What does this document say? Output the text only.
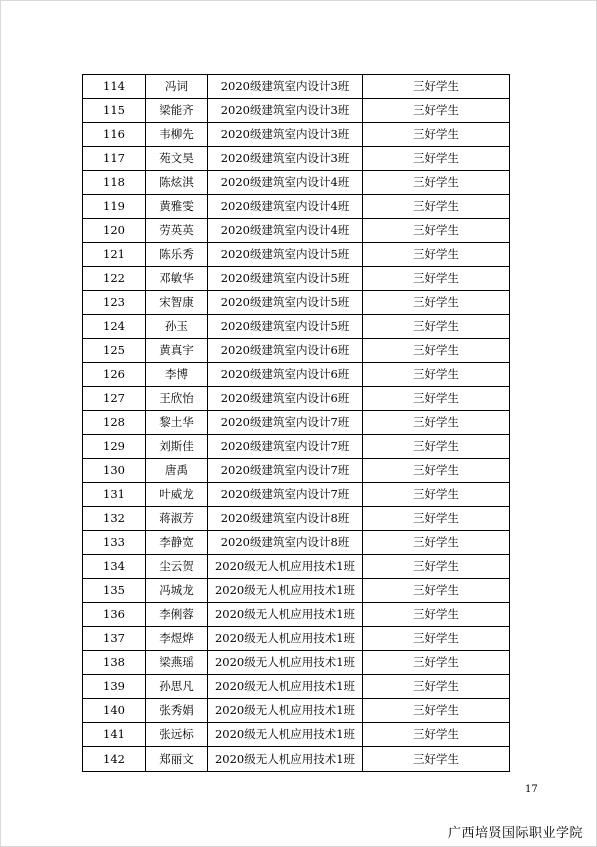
114	冯词	2020级建筑室内设计3班	三好学生
115	梁能齐	2020级建筑室内设计3班	三好学生
116	韦柳先	2020级建筑室内设计3班	三好学生
117	苑文昊	2020级建筑室内设计3班	三好学生
118	陈炫淇	2020级建筑室内设计4班	三好学生
119	黄雅雯	2020级建筑室内设计4班	三好学生
120	劳英英	2020级建筑室内设计4班	三好学生
121	陈乐秀	2020级建筑室内设计5班	三好学生
122	邓敏华	2020级建筑室内设计5班	三好学生
123	宋智康	2020级建筑室内设计5班	三好学生
124	孙玉	2020级建筑室内设计5班	三好学生
125	黄真宇	2020级建筑室内设计6班	三好学生
126	李博	2020级建筑室内设计6班	三好学生
127	王欣怡	2020级建筑室内设计6班	三好学生
128	黎土华	2020级建筑室内设计7班	三好学生
129	刘斯佳	2020级建筑室内设计7班	三好学生
130	唐禹	2020级建筑室内设计7班	三好学生
131	叶威龙	2020级建筑室内设计7班	三好学生
132	蒋淑芳	2020级建筑室内设计8班	三好学生
133	李静宽	2020级建筑室内设计8班	三好学生
134	尘云贺	2020级无人机应用技术1班	三好学生
135	冯城龙	2020级无人机应用技术1班	三好学生
136	李俐蓉	2020级无人机应用技术1班	三好学生
137	李煜烨	2020级无人机应用技术1班	三好学生
138	梁燕瑶	2020级无人机应用技术1班	三好学生
139	孙思凡	2020级无人机应用技术1班	三好学生
140	张秀娟	2020级无人机应用技术1班	三好学生
141	张远标	2020级无人机应用技术1班	三好学生
142	郑丽文	2020级无人机应用技术1班	三好学生
17
广西培贤国际职业学院
